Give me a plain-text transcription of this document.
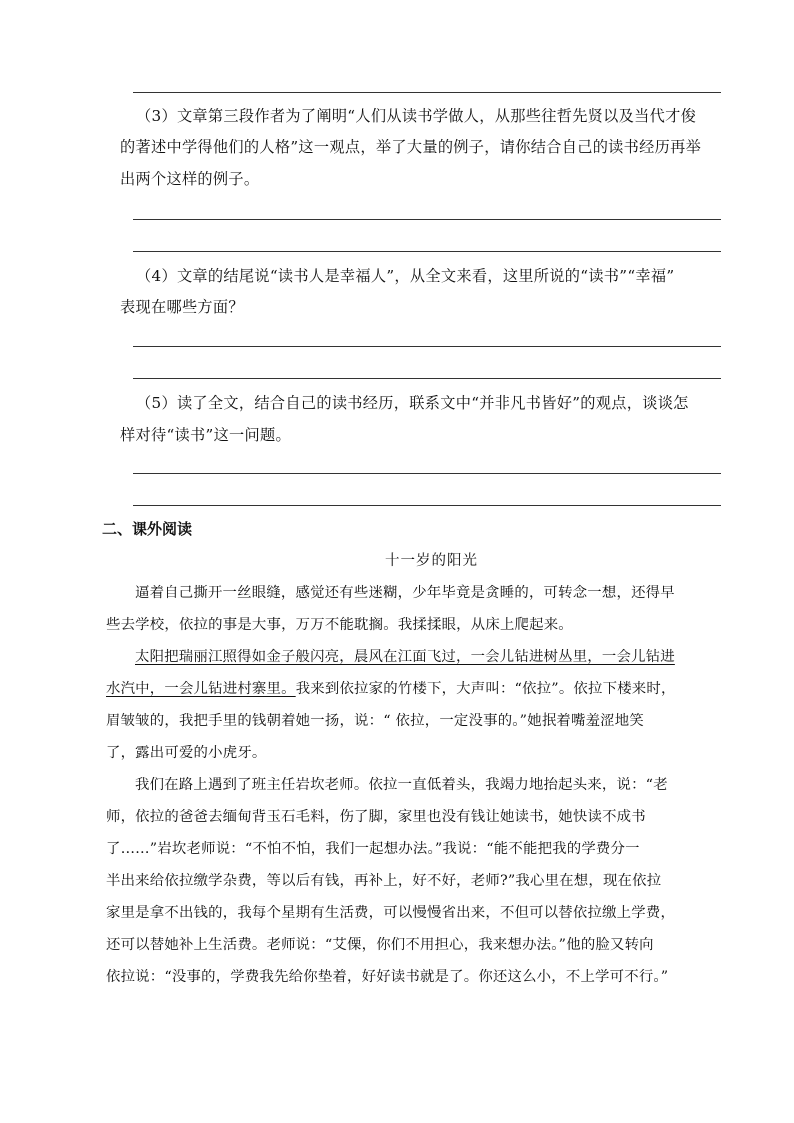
（3）文章第三段作者为了阐明“人们从读书学做人，从那些往哲先贤以及当代才俊
的著述中学得他们的人格”这一观点，举了大量的例子，请你结合自己的读书经历再举
出两个这样的例子。
（4）文章的结尾说“读书人是幸福人”，从全文来看，这里所说的“读书”“幸福”
表现在哪些方面？
（5）读了全文，结合自己的读书经历，联系文中“并非凡书皆好”的观点，谈谈怎
样对待“读书”这一问题。
二、课外阅读
十一岁的阳光
逼着自己撕开一丝眼缝，感觉还有些迷糊，少年毕竟是贪睡的，可转念一想，还得早
些去学校，依拉的事是大事，万万不能耽搁。我揉揉眼，从床上爬起来。
太阳把瑞丽江照得如金子般闪亮，晨风在江面飞过，一会儿钻进树丛里，一会儿钻进
水汽中，一会儿钻进村寨里。我来到依拉家的竹楼下，大声叫：“依拉”。依拉下楼来时，
眉皱皱的，我把手里的钱朝着她一扬，说：“ 依拉，一定没事的。”她抿着嘴羞涩地笑
了，露出可爱的小虎牙。
我们在路上遇到了班主任岩坎老师。依拉一直低着头，我竭力地抬起头来，说：“老
师，依拉的爸爸去缅甸背玉石毛料，伤了脚，家里也没有钱让她读书，她快读不成书
了……”岩坎老师说：“不怕不怕，我们一起想办法。”我说：“能不能把我的学费分一
半出来给依拉缴学杂费，等以后有钱，再补上，好不好，老师?”我心里在想，现在依拉
家里是拿不出钱的，我每个星期有生活费，可以慢慢省出来，不但可以替依拉缴上学费，
还可以替她补上生活费。老师说：“艾傈，你们不用担心，我来想办法。”他的脸又转向
依拉说：“没事的，学费我先给你垫着，好好读书就是了。你还这么小，不上学可不行。”
